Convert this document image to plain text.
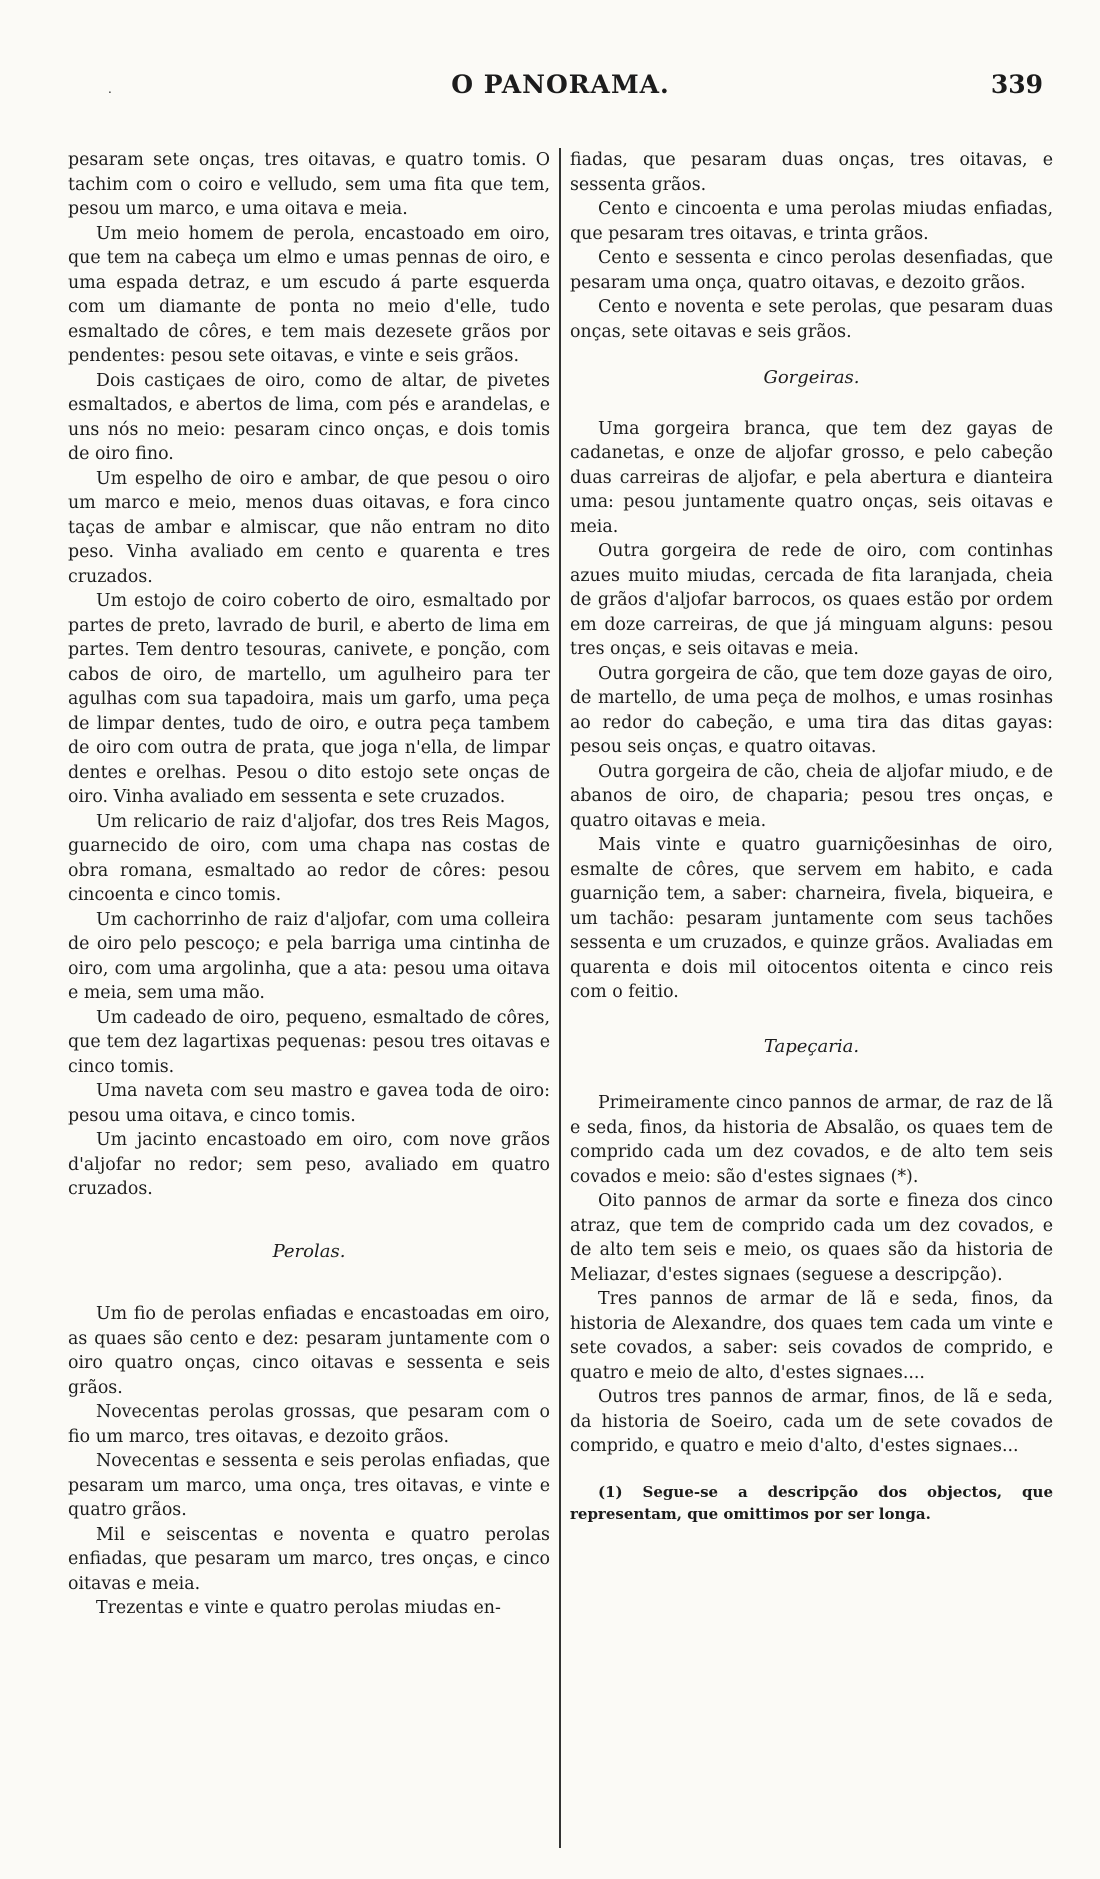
.	O PANORAMA.	339

pesaram sete onças, tres oitavas, e quatro tomis. O tachim com o coiro e velludo, sem uma fita que tem, pesou um marco, e uma oitava e meia.

Um meio homem de perola, encastoado em oiro, que tem na cabeça um elmo e umas pennas de oiro, e uma espada detraz, e um escudo á parte esquerda com um diamante de ponta no meio d'elle, tudo esmaltado de côres, e tem mais dezesete grãos por pendentes: pesou sete oitavas, e vinte e seis grãos.

Dois castiçaes de oiro, como de altar, de pivetes esmaltados, e abertos de lima, com pés e arandelas, e uns nós no meio: pesaram cinco onças, e dois tomis de oiro fino.

Um espelho de oiro e ambar, de que pesou o oiro um marco e meio, menos duas oitavas, e fora cinco taças de ambar e almiscar, que não entram no dito peso. Vinha avaliado em cento e quarenta e tres cruzados.

Um estojo de coiro coberto de oiro, esmaltado por partes de preto, lavrado de buril, e aberto de lima em partes. Tem dentro tesouras, canivete, e ponção, com cabos de oiro, de martello, um agulheiro para ter agulhas com sua tapadoira, mais um garfo, uma peça de limpar dentes, tudo de oiro, e outra peça tambem de oiro com outra de prata, que joga n'ella, de limpar dentes e orelhas. Pesou o dito estojo sete onças de oiro. Vinha avaliado em sessenta e sete cruzados.

Um relicario de raiz d'aljofar, dos tres Reis Magos, guarnecido de oiro, com uma chapa nas costas de obra romana, esmaltado ao redor de côres: pesou cincoenta e cinco tomis.

Um cachorrinho de raiz d'aljofar, com uma colleira de oiro pelo pescoço; e pela barriga uma cintinha de oiro, com uma argolinha, que a ata: pesou uma oitava e meia, sem uma mão.

Um cadeado de oiro, pequeno, esmaltado de côres, que tem dez lagartixas pequenas: pesou tres oitavas e cinco tomis.

Uma naveta com seu mastro e gavea toda de oiro: pesou uma oitava, e cinco tomis.

Um jacinto encastoado em oiro, com nove grãos d'aljofar no redor; sem peso, avaliado em quatro cruzados.

Perolas.

Um fio de perolas enfiadas e encastoadas em oiro, as quaes são cento e dez: pesaram juntamente com o oiro quatro onças, cinco oitavas e sessenta e seis grãos.

Novecentas perolas grossas, que pesaram com o fio um marco, tres oitavas, e dezoito grãos.

Novecentas e sessenta e seis perolas enfiadas, que pesaram um marco, uma onça, tres oitavas, e vinte e quatro grãos.

Mil e seiscentas e noventa e quatro perolas enfiadas, que pesaram um marco, tres onças, e cinco oitavas e meia.

Trezentas e vinte e quatro perolas miudas en-

fiadas, que pesaram duas onças, tres oitavas, e sessenta grãos.

Cento e cincoenta e uma perolas miudas enfiadas, que pesaram tres oitavas, e trinta grãos.

Cento e sessenta e cinco perolas desenfiadas, que pesaram uma onça, quatro oitavas, e dezoito grãos.

Cento e noventa e sete perolas, que pesaram duas onças, sete oitavas e seis grãos.

Gorgeiras.

Uma gorgeira branca, que tem dez gayas de cadanetas, e onze de aljofar grosso, e pelo cabeção duas carreiras de aljofar, e pela abertura e dianteira uma: pesou juntamente quatro onças, seis oitavas e meia.

Outra gorgeira de rede de oiro, com continhas azues muito miudas, cercada de fita laranjada, cheia de grãos d'aljofar barrocos, os quaes estão por ordem em doze carreiras, de que já minguam alguns: pesou tres onças, e seis oitavas e meia.

Outra gorgeira de cão, que tem doze gayas de oiro, de martello, de uma peça de molhos, e umas rosinhas ao redor do cabeção, e uma tira das ditas gayas: pesou seis onças, e quatro oitavas.

Outra gorgeira de cão, cheia de aljofar miudo, e de abanos de oiro, de chaparia; pesou tres onças, e quatro oitavas e meia.

Mais vinte e quatro guarniçõesinhas de oiro, esmalte de côres, que servem em habito, e cada guarnição tem, a saber: charneira, fivela, biqueira, e um tachão: pesaram juntamente com seus tachões sessenta e um cruzados, e quinze grãos. Avaliadas em quarenta e dois mil oitocentos oitenta e cinco reis com o feitio.

Tapeçaria.

Primeiramente cinco pannos de armar, de raz de lã e seda, finos, da historia de Absalão, os quaes tem de comprido cada um dez covados, e de alto tem seis covados e meio: são d'estes signaes (*).

Oito pannos de armar da sorte e fineza dos cinco atraz, que tem de comprido cada um dez covados, e de alto tem seis e meio, os quaes são da historia de Meliazar, d'estes signaes (seguese a descripção).

Tres pannos de armar de lã e seda, finos, da historia de Alexandre, dos quaes tem cada um vinte e sete covados, a saber: seis covados de comprido, e quatro e meio de alto, d'estes signaes....

Outros tres pannos de armar, finos, de lã e seda, da historia de Soeiro, cada um de sete covados de comprido, e quatro e meio d'alto, d'estes signaes...

(1) Segue-se a descripção dos objectos, que representam, que omittimos por ser longa.
